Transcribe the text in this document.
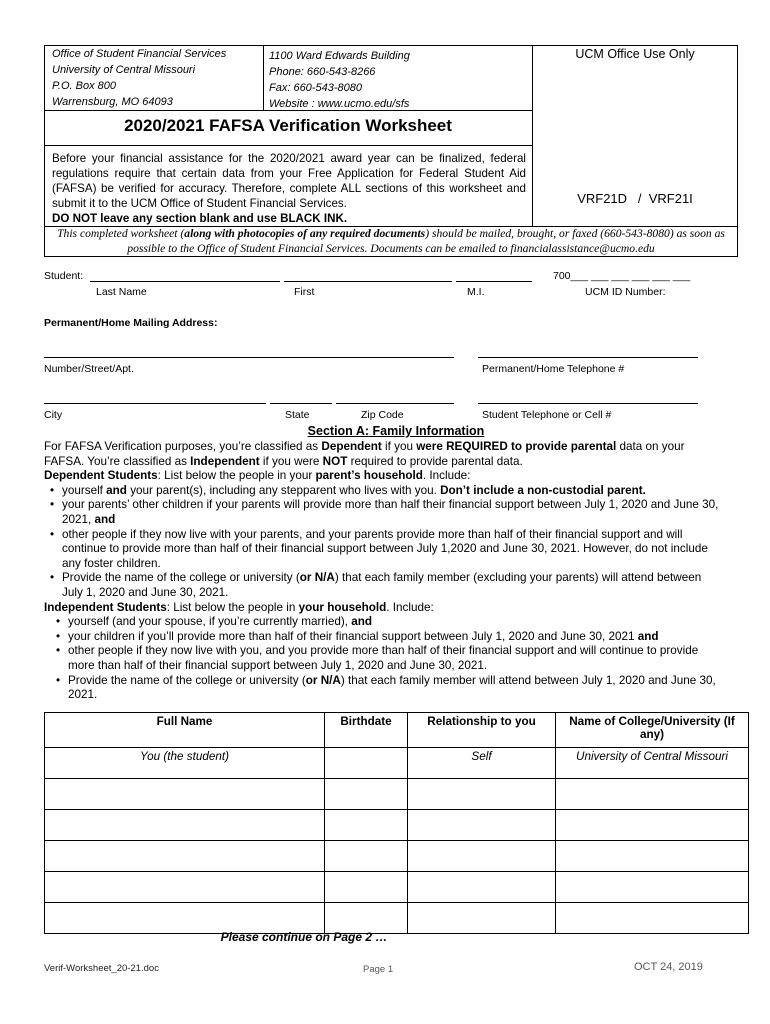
Office of Student Financial Services
University of Central Missouri
P.O. Box 800
Warrensburg, MO 64093
1100 Ward Edwards Building
Phone: 660-543-8266
Fax: 660-543-8080
Website : www.ucmo.edu/sfs
UCM Office Use Only
2020/2021 FAFSA Verification Worksheet
Before your financial assistance for the 2020/2021 award year can be finalized, federal regulations require that certain data from your Free Application for Federal Student Aid (FAFSA) be verified for accuracy. Therefore, complete ALL sections of this worksheet and submit it to the UCM Office of Student Financial Services.
DO NOT leave any section blank and use BLACK INK.
VRF21D   /  VRF21I
This completed worksheet (along with photocopies of any required documents) should be mailed, brought, or faxed (660-543-8080) as soon as possible to the Office of Student Financial Services. Documents can be emailed to financialassistance@ucmo.edu
Student:	700___ ___ ___ ___ ___ ___
Last Name	First	M.I.	UCM ID Number:
Permanent/Home Mailing Address:
Number/Street/Apt.	Permanent/Home Telephone #
City	State	Zip Code	Student Telephone or Cell #
Section A: Family Information

For FAFSA Verification purposes, you’re classified as Dependent if you were REQUIRED to provide parental data on your FAFSA. You’re classified as Independent if you were NOT required to provide parental data.

Dependent Students: List below the people in your parent’s household. Include:

• yourself and your parent(s), including any stepparent who lives with you. Don’t include a non-custodial parent.
• your parents’ other children if your parents will provide more than half their financial support between July 1, 2020 and June 30, 2021, and
• other people if they now live with your parents, and your parents provide more than half of their financial support and will continue to provide more than half of their financial support between July 1,2020 and June 30, 2021. However, do not include any foster children.
• Provide the name of the college or university (or N/A) that each family member (excluding your parents) will attend between July 1, 2020 and June 30, 2021.

Independent Students: List below the people in your household. Include:

• yourself (and your spouse, if you’re currently married), and
• your children if you’ll provide more than half of their financial support between July 1, 2020 and June 30, 2021 and
• other people if they now live with you, and you provide more than half of their financial support and will continue to provide more than half of their financial support between July 1, 2020 and June 30, 2021.
• Provide the name of the college or university (or N/A) that each family member will attend between July 1, 2020 and June 30, 2021.
Full Name	Birthdate	Relationship to you	Name of College/University (If any)
You (the student)		Self	University of Central Missouri

Please continue on Page 2 …
Verif-Worksheet_20-21.doc	Page 1	OCT 24, 2019
